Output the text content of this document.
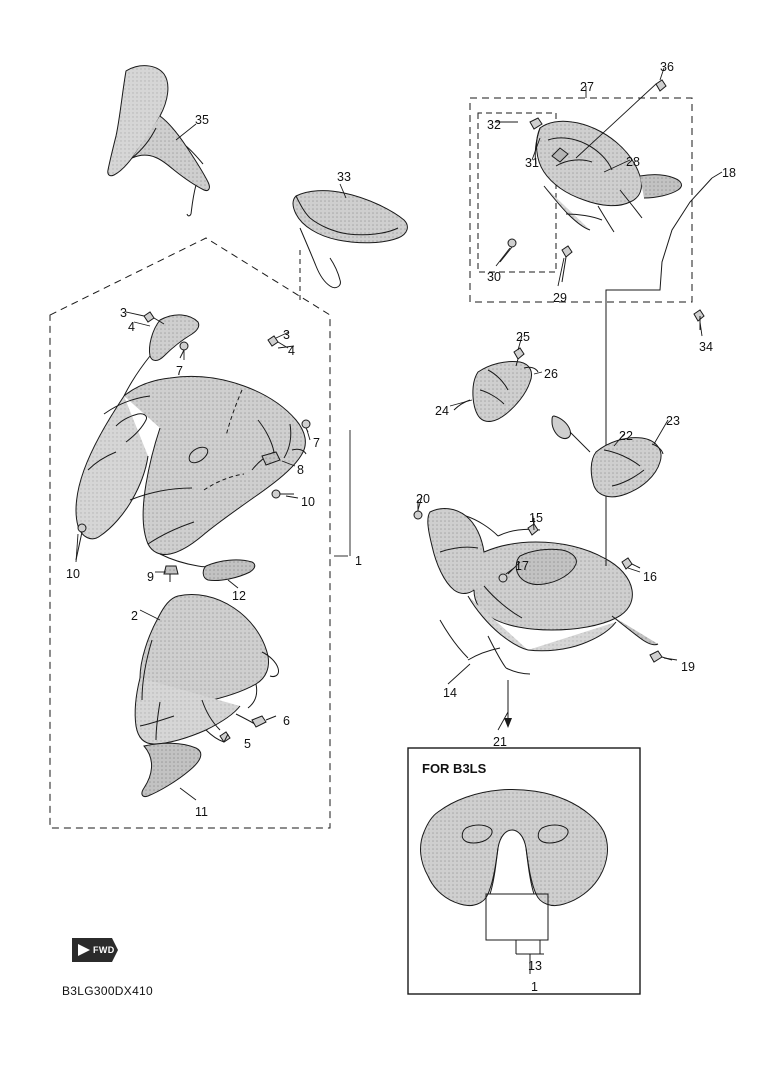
1
2
3
4
3
4
5
6
7
7
8
9
10
10
11
12
13
1
14
15
16
17
18
19
20
21
22
23
24
25
26
27
28
29
30
31
32
33
34
35
36
FOR B3LS
B3LG300DX410
FWD
